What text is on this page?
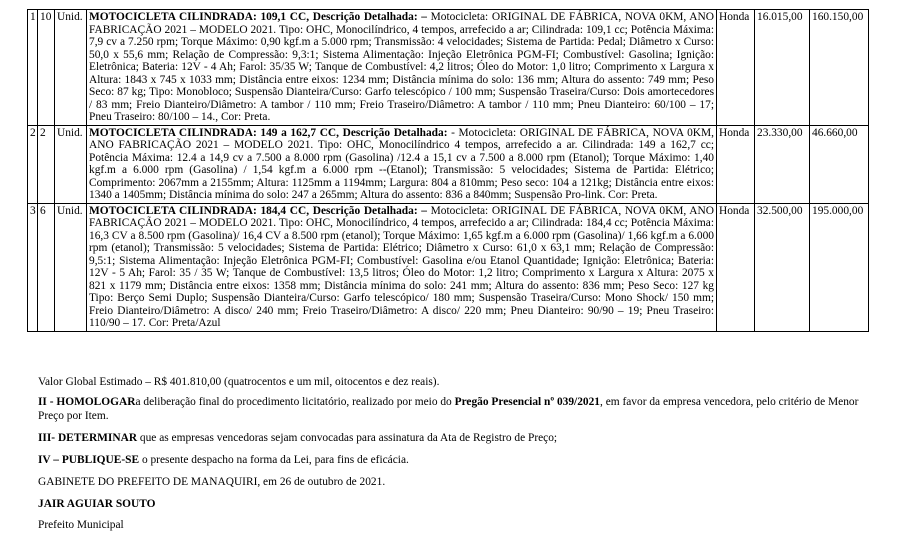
1	10	Unid.	MOTOCICLETA CILINDRADA: 109,1 CC, Descrição Detalhada: – Motocicleta: ORIGINAL DE FÁBRICA, NOVA 0KM, ANO FABRICAÇÃO 2021 – MODELO 2021. Tipo: OHC, Monocilíndrico, 4 tempos, arrefecido a ar; Cilindrada: 109,1 cc; Potência Máxima: 7,9 cv a 7.250 rpm; Torque Máximo: 0,90 kgf.m a 5.000 rpm; Transmissão: 4 velocidades; Sistema de Partida: Pedal; Diâmetro x Curso: 50,0 x 55,6 mm; Relação de Compressão: 9,3:1; Sistema Alimentação: Injeção Eletrônica PGM-FI; Combustível: Gasolina; Ignição: Eletrônica; Bateria: 12V - 4 Ah; Farol: 35/35 W; Tanque de Combustível: 4,2 litros; Óleo do Motor: 1,0 litro; Comprimento x Largura x Altura: 1843 x 745 x 1033 mm; Distância entre eixos: 1234 mm; Distância mínima do solo: 136 mm; Altura do assento: 749 mm; Peso Seco: 87 kg; Tipo: Monobloco; Suspensão Dianteira/Curso: Garfo telescópico / 100 mm; Suspensão Traseira/Curso: Dois amortecedores / 83 mm; Freio Dianteiro/Diâmetro: A tambor / 110 mm; Freio Traseiro/Diâmetro: A tambor / 110 mm; Pneu Dianteiro: 60/100 – 17; Pneu Traseiro: 80/100 – 14., Cor: Preta.	Honda	16.015,00	160.150,00
2	2	Unid.	MOTOCICLETA CILINDRADA: 149 a 162,7 CC, Descrição Detalhada: - Motocicleta: ORIGINAL DE FÁBRICA, NOVA 0KM, ANO FABRICAÇÃO 2021 – MODELO 2021. Tipo: OHC, Monocilíndrico 4 tempos, arrefecido a ar. Cilindrada: 149 a 162,7 cc; Potência Máxima: 12.4 a 14,9 cv a 7.500 a 8.000 rpm (Gasolina) /12.4 a 15,1 cv a 7.500 a 8.000 rpm (Etanol); Torque Máximo: 1,40 kgf.m a 6.000 rpm (Gasolina) / 1,54 kgf.m a 6.000 rpm --(Etanol); Transmissão: 5 velocidades; Sistema de Partida: Elétrico; Comprimento: 2067mm a 2155mm; Altura: 1125mm a 1194mm; Largura: 804 a 810mm; Peso seco: 104 a 121kg; Distância entre eixos: 1340 a 1405mm; Distância mínima do solo: 247 a 265mm; Altura do assento: 836 a 840mm; Suspensão Pro-link. Cor: Preta.	Honda	23.330,00	46.660,00
3	6	Unid.	MOTOCICLETA CILINDRADA: 184,4 CC, Descrição Detalhada: – Motocicleta: ORIGINAL DE FÁBRICA, NOVA 0KM, ANO FABRICAÇÃO 2021 – MODELO 2021. Tipo: OHC, Monocilíndrico, 4 tempos, arrefecido a ar; Cilindrada: 184,4 cc; Potência Máxima: 16,3 CV a 8.500 rpm (Gasolina)/ 16,4 CV a 8.500 rpm (etanol); Torque Máximo: 1,65 kgf.m a 6.000 rpm (Gasolina)/ 1,66 kgf.m a 6.000 rpm (etanol); Transmissão: 5 velocidades; Sistema de Partida: Elétrico; Diâmetro x Curso: 61,0 x 63,1 mm; Relação de Compressão: 9,5:1; Sistema Alimentação: Injeção Eletrônica PGM-FI; Combustível: Gasolina e/ou Etanol Quantidade; Ignição: Eletrônica; Bateria: 12V - 5 Ah; Farol: 35 / 35 W; Tanque de Combustível: 13,5 litros; Óleo do Motor: 1,2 litro; Comprimento x Largura x Altura: 2075 x 821 x 1179 mm; Distância entre eixos: 1358 mm; Distância mínima do solo: 241 mm; Altura do assento: 836 mm; Peso Seco: 127 kg Tipo: Berço Semi Duplo; Suspensão Dianteira/Curso: Garfo telescópico/ 180 mm; Suspensão Traseira/Curso: Mono Shock/ 150 mm; Freio Dianteiro/Diâmetro: A disco/ 240 mm; Freio Traseiro/Diâmetro: A disco/ 220 mm; Pneu Dianteiro: 90/90 – 19; Pneu Traseiro: 110/90 – 17. Cor: Preta/Azul	Honda	32.500,00	195.000,00
Valor Global Estimado – R$ 401.810,00 (quatrocentos e um mil, oitocentos e dez reais).
II - HOMOLOGARa deliberação final do procedimento licitatório, realizado por meio do Pregão Presencial nº 039/2021, em favor da empresa vencedora, pelo critério de Menor Preço por Item.
III- DETERMINAR que as empresas vencedoras sejam convocadas para assinatura da Ata de Registro de Preço;
IV – PUBLIQUE-SE o presente despacho na forma da Lei, para fins de eficácia.
GABINETE DO PREFEITO DE MANAQUIRI, em 26 de outubro de 2021.
JAIR AGUIAR SOUTO
Prefeito Municipal
